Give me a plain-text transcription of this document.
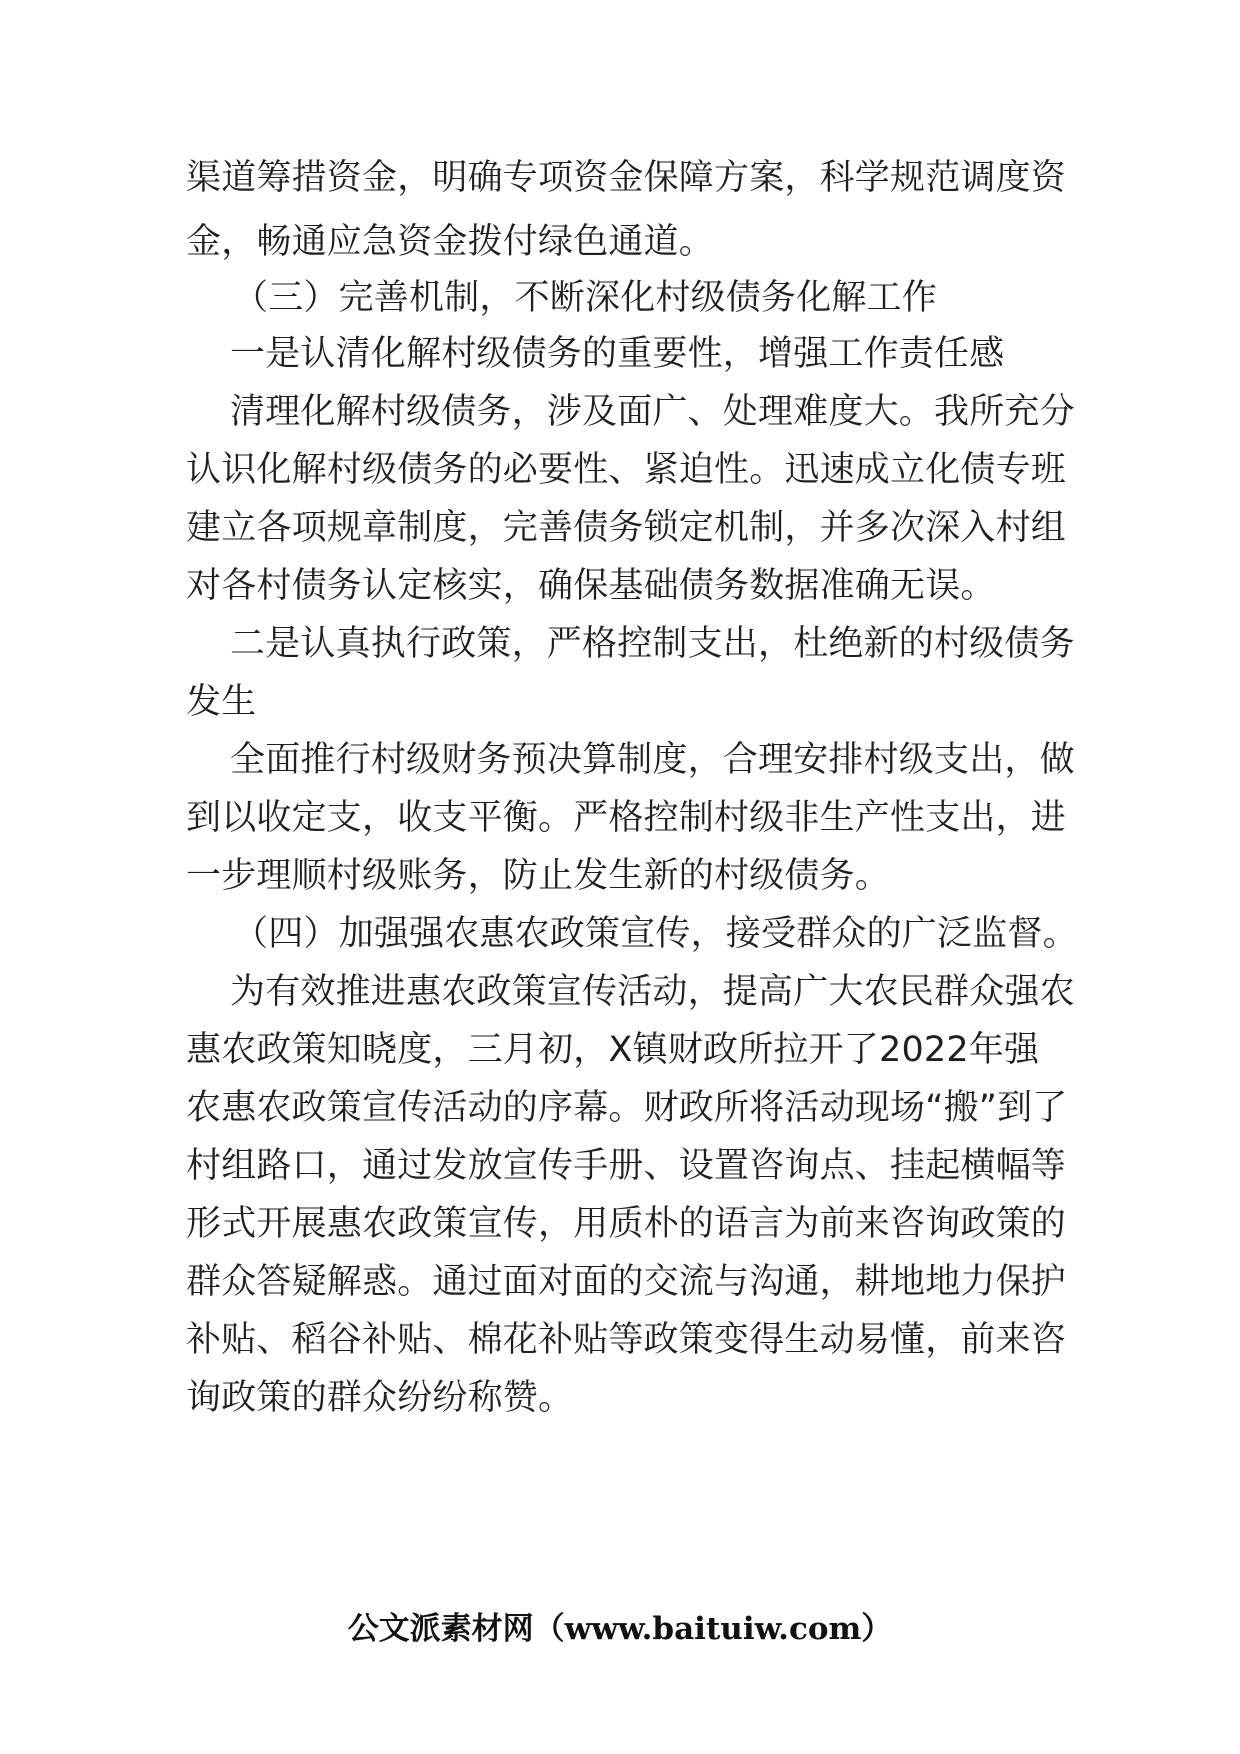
渠道筹措资金，明确专项资金保障方案，科学规范调度资
金，畅通应急资金拨付绿色通道。
（三）完善机制，不断深化村级债务化解工作
一是认清化解村级债务的重要性，增强工作责任感
清理化解村级债务，涉及面广、处理难度大。我所充分
认识化解村级债务的必要性、紧迫性。迅速成立化债专班
建立各项规章制度，完善债务锁定机制，并多次深入村组
对各村债务认定核实，确保基础债务数据准确无误。
二是认真执行政策，严格控制支出，杜绝新的村级债务
发生
全面推行村级财务预决算制度，合理安排村级支出，做
到以收定支，收支平衡。严格控制村级非生产性支出，进
一步理顺村级账务，防止发生新的村级债务。
（四）加强强农惠农政策宣传，接受群众的广泛监督。
为有效推进惠农政策宣传活动，提高广大农民群众强农
惠农政策知晓度，三月初，X镇财政所拉开了2022年强
农惠农政策宣传活动的序幕。财政所将活动现场“搬”到了
村组路口，通过发放宣传手册、设置咨询点、挂起横幅等
形式开展惠农政策宣传，用质朴的语言为前来咨询政策的
群众答疑解惑。通过面对面的交流与沟通，耕地地力保护
补贴、稻谷补贴、棉花补贴等政策变得生动易懂，前来咨
询政策的群众纷纷称赞。
公文派素材网（www.baituiw.com）
